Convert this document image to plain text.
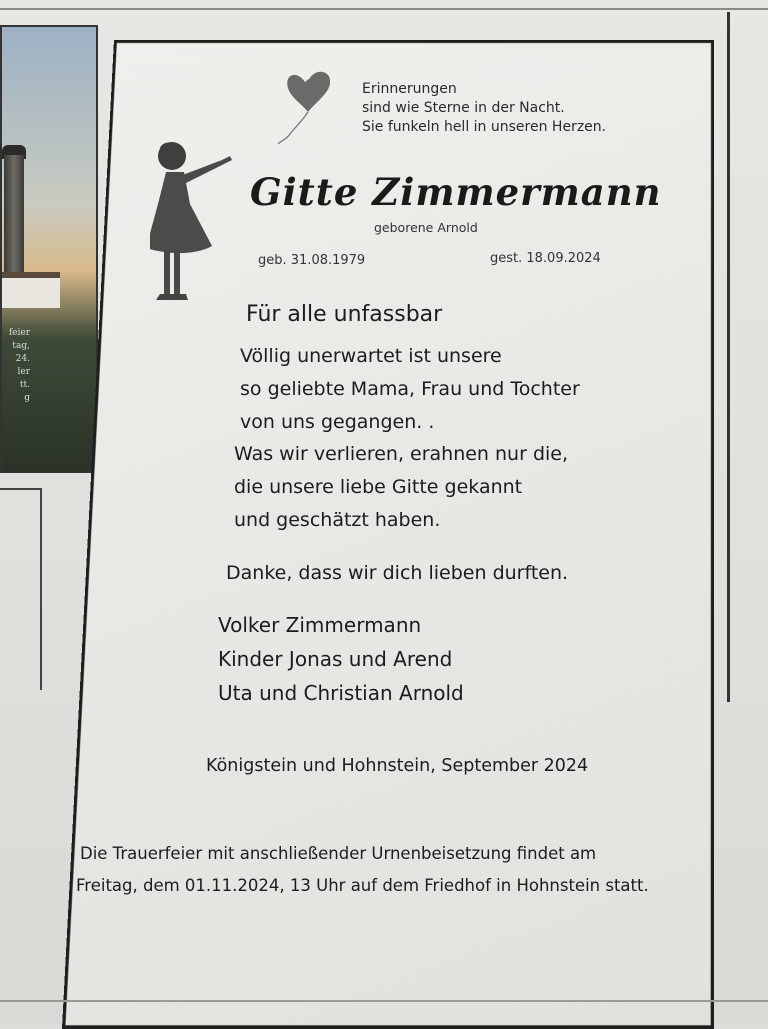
feier
tag,
24.
ler
tt.
g
Erinnerungen
sind wie Sterne in der Nacht.
Sie funkeln hell in unseren Herzen.
Gitte Zimmermann
geborene Arnold
geb. 31.08.1979	gest. 18.09.2024
Für alle unfassbar
Völlig unerwartet ist unsere
so geliebte Mama, Frau und Tochter
von uns gegangen. .
Was wir verlieren, erahnen nur die,
die unsere liebe Gitte gekannt
und geschätzt haben.
Danke, dass wir dich lieben durften.
Volker Zimmermann
Kinder Jonas und Arend
Uta und Christian Arnold
Königstein und Hohnstein, September 2024
Die Trauerfeier mit anschließender Urnenbeisetzung findet am
Freitag, dem 01.11.2024, 13 Uhr auf dem Friedhof in Hohnstein statt.
